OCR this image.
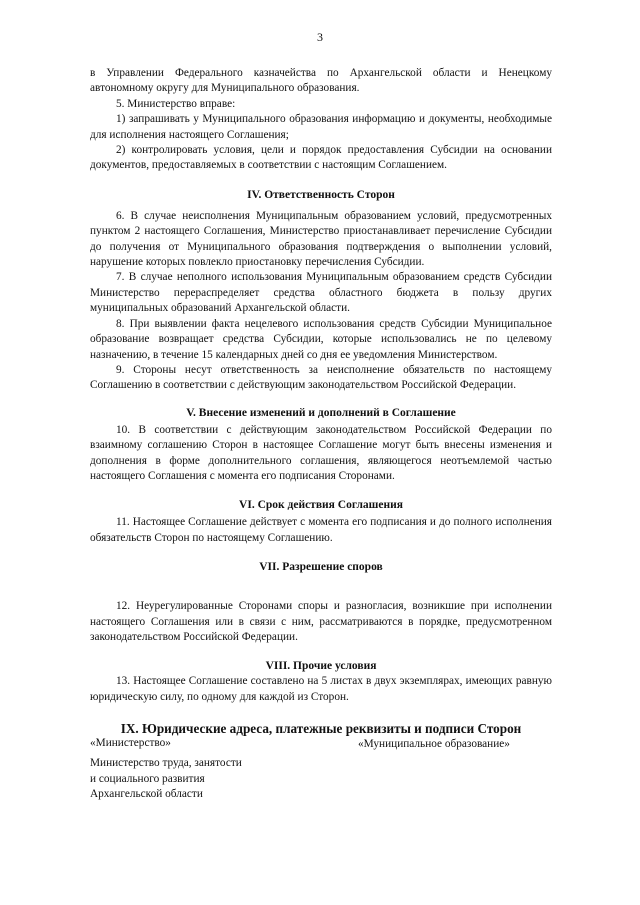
3

в Управлении Федерального казначейства по Архангельской области и Ненецкому автономному округу для Муниципального образования.

5. Министерство вправе:

1) запрашивать у Муниципального образования информацию и документы, необходимые для исполнения настоящего Соглашения;

2) контролировать условия, цели и порядок предоставления Субсидии на основании документов, предоставляемых в соответствии с настоящим Соглашением.

IV. Ответственность Сторон

6. В случае неисполнения Муниципальным образованием условий, предусмотренных пунктом 2 настоящего Соглашения, Министерство приостанавливает перечисление Субсидии до получения от Муниципального образования подтверждения о выполнении условий, нарушение которых повлекло приостановку перечисления Субсидии.

7. В случае неполного использования Муниципальным образованием средств Субсидии Министерство перераспределяет средства областного бюджета в пользу других муниципальных образований Архангельской области.

8. При выявлении факта нецелевого использования средств Субсидии Муниципальное образование возвращает средства Субсидии, которые использовались не по целевому назначению, в течение 15 календарных дней со дня ее уведомления Министерством.

9. Стороны несут ответственность за неисполнение обязательств по настоящему Соглашению в соответствии с действующим законодательством Российской Федерации.

V. Внесение изменений и дополнений в Соглашение

10. В соответствии с действующим законодательством Российской Федерации по взаимному соглашению Сторон в настоящее Соглашение могут быть внесены изменения и дополнения в форме дополнительного соглашения, являющегося неотъемлемой частью настоящего Соглашения с момента его подписания Сторонами.

VI. Срок действия Соглашения

11. Настоящее Соглашение действует с момента его подписания и до полного исполнения обязательств Сторон по настоящему Соглашению.

VII. Разрешение споров

12. Неурегулированные Сторонами споры и разногласия, возникшие при исполнении настоящего Соглашения или в связи с ним, рассматриваются в порядке, предусмотренном законодательством Российской Федерации.

VIII. Прочие условия

13. Настоящее Соглашение составлено на 5 листах в двух экземплярах, имеющих равную юридическую силу, по одному для каждой из Сторон.

IX. Юридические адреса, платежные реквизиты и подписи Сторон
«Министерство»
Министерство труда, занятости
и социального развития
Архангельской области
«Муниципальное образование»
